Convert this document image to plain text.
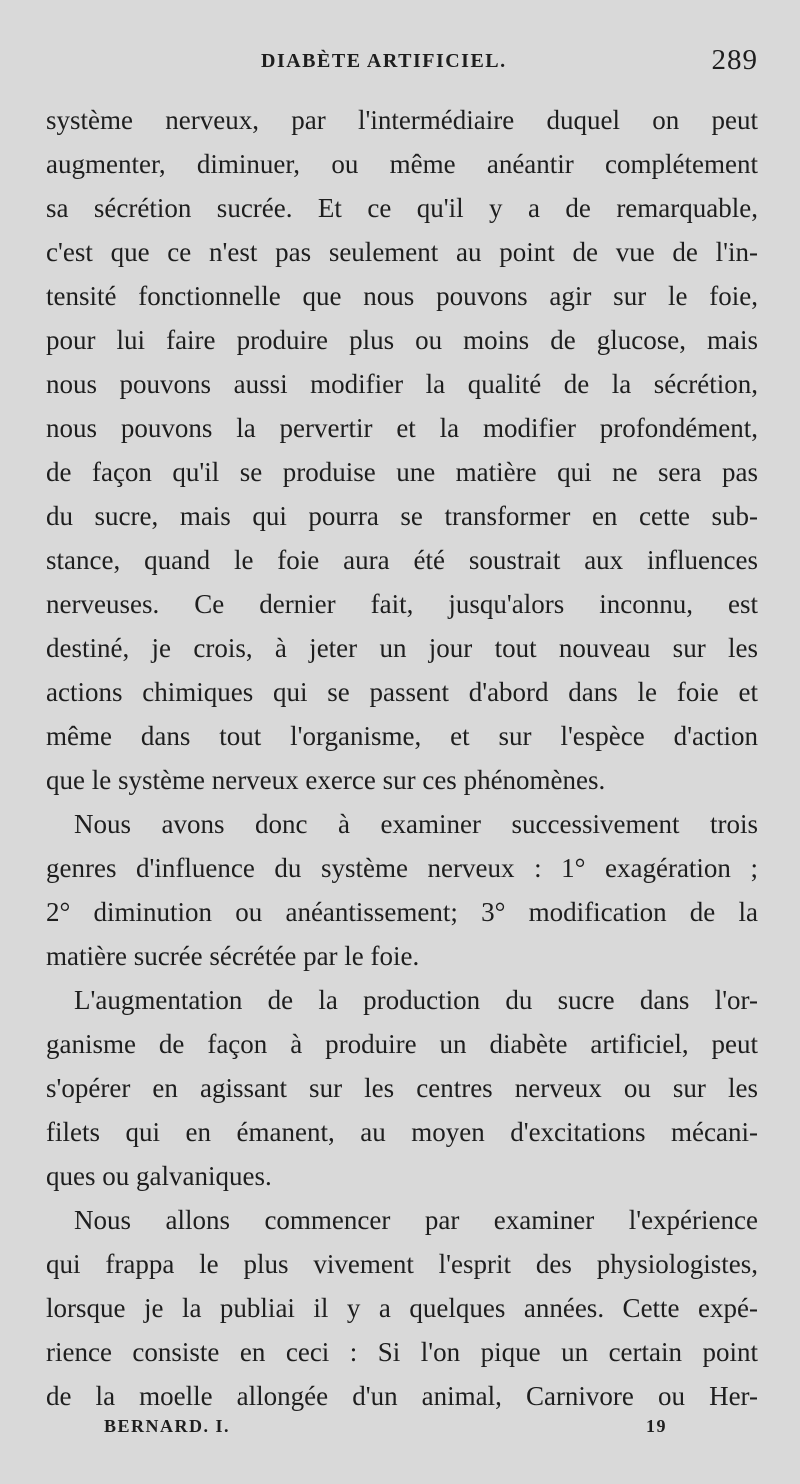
DIABÈTE ARTIFICIEL.	289
système nerveux, par l'intermédiaire duquel on peut
augmenter, diminuer, ou même anéantir complétement
sa sécrétion sucrée. Et ce qu'il y a de remarquable,
c'est que ce n'est pas seulement au point de vue de l'in-
tensité fonctionnelle que nous pouvons agir sur le foie,
pour lui faire produire plus ou moins de glucose, mais
nous pouvons aussi modifier la qualité de la sécrétion,
nous pouvons la pervertir et la modifier profondément,
de façon qu'il se produise une matière qui ne sera pas
du sucre, mais qui pourra se transformer en cette sub-
stance, quand le foie aura été soustrait aux influences
nerveuses. Ce dernier fait, jusqu'alors inconnu, est
destiné, je crois, à jeter un jour tout nouveau sur les
actions chimiques qui se passent d'abord dans le foie et
même dans tout l'organisme, et sur l'espèce d'action
que le système nerveux exerce sur ces phénomènes.
Nous avons donc à examiner successivement trois
genres d'influence du système nerveux : 1° exagération ;
2° diminution ou anéantissement; 3° modification de la
matière sucrée sécrétée par le foie.
L'augmentation de la production du sucre dans l'or-
ganisme de façon à produire un diabète artificiel, peut
s'opérer en agissant sur les centres nerveux ou sur les
filets qui en émanent, au moyen d'excitations mécani-
ques ou galvaniques.
Nous allons commencer par examiner l'expérience
qui frappa le plus vivement l'esprit des physiologistes,
lorsque je la publiai il y a quelques années. Cette expé-
rience consiste en ceci : Si l'on pique un certain point
de la moelle allongée d'un animal, Carnivore ou Her-
BERNARD. I.	19
